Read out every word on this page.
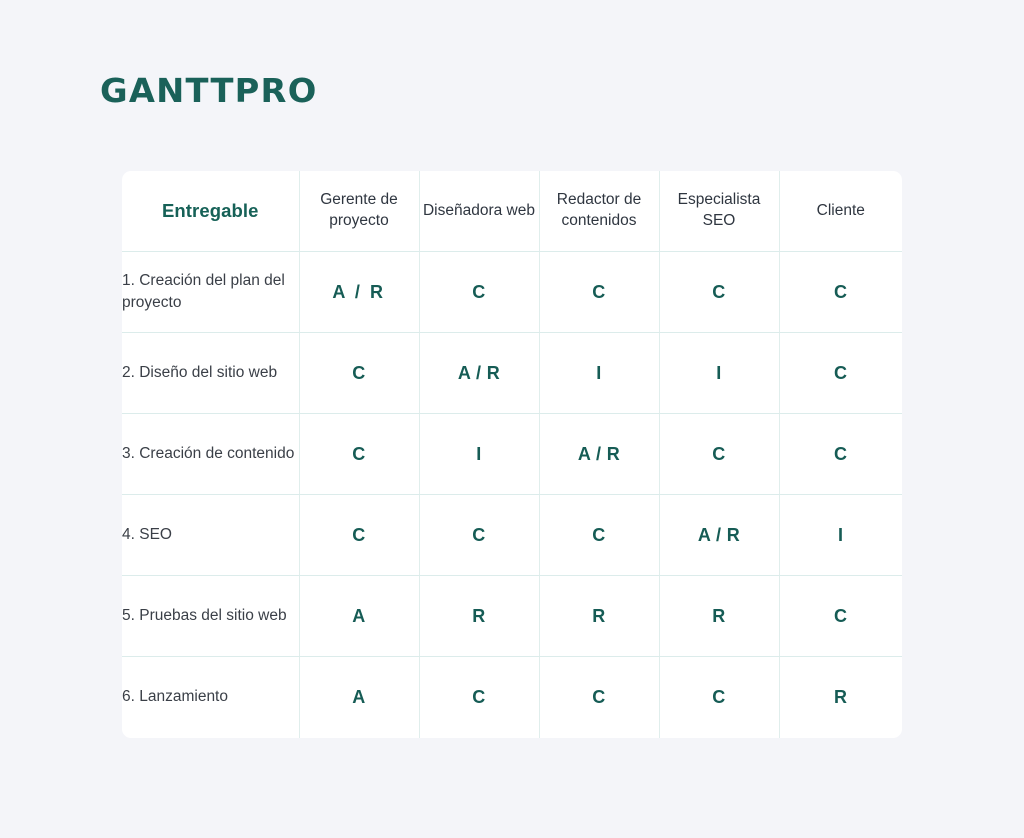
GANTTPRO
Entregable	Gerente de proyecto	Diseñadora web	Redactor de contenidos	Especialista SEO	Cliente
1. Creación del plan del proyecto	A / R	C	C	C	C
2. Diseño del sitio web	C	A / R	I	I	C
3. Creación de contenido	C	I	A / R	C	C
4. SEO	C	C	C	A / R	I
5. Pruebas del sitio web	A	R	R	R	C
6. Lanzamiento	A	C	C	C	R
